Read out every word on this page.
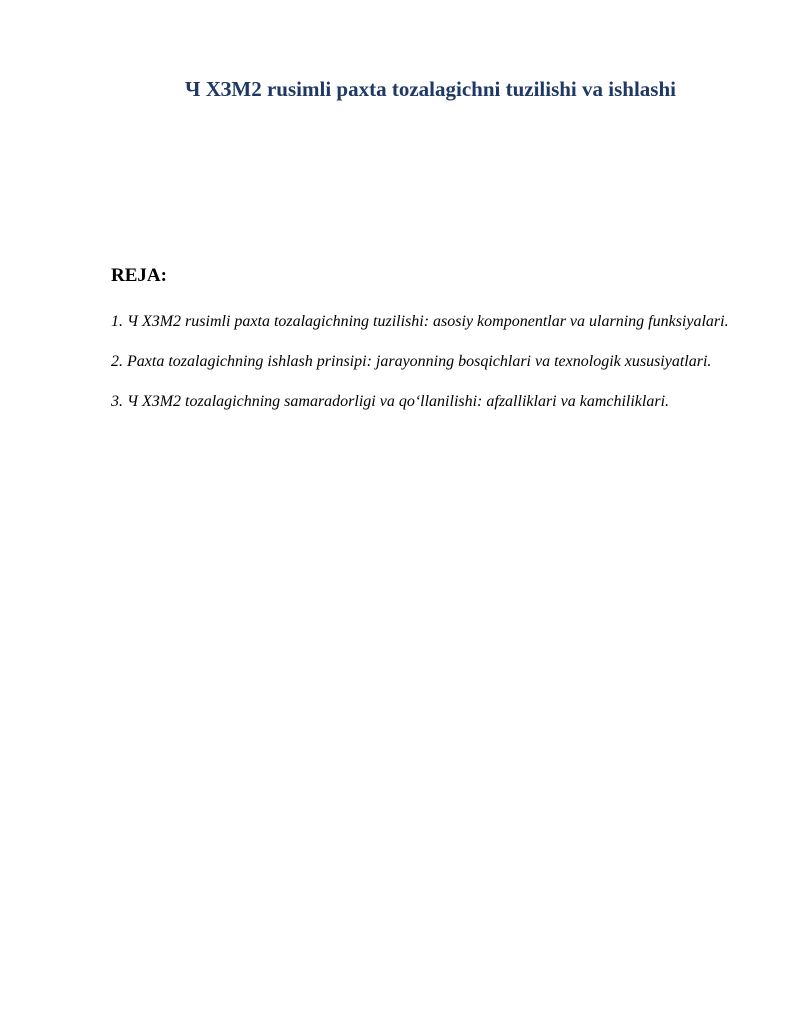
Ч ХЗМ2 rusimli paxta tozalagichni tuzilishi va ishlashi
REJA:
1. Ч ХЗМ2 rusimli paxta tozalagichning tuzilishi: asosiy komponentlar va ularning funksiyalari.
2. Paxta tozalagichning ishlash prinsipi: jarayonning bosqichlari va texnologik xususiyatlari.
3. Ч ХЗМ2 tozalagichning samaradorligi va qo‘llanilishi: afzalliklari va kamchiliklari.
